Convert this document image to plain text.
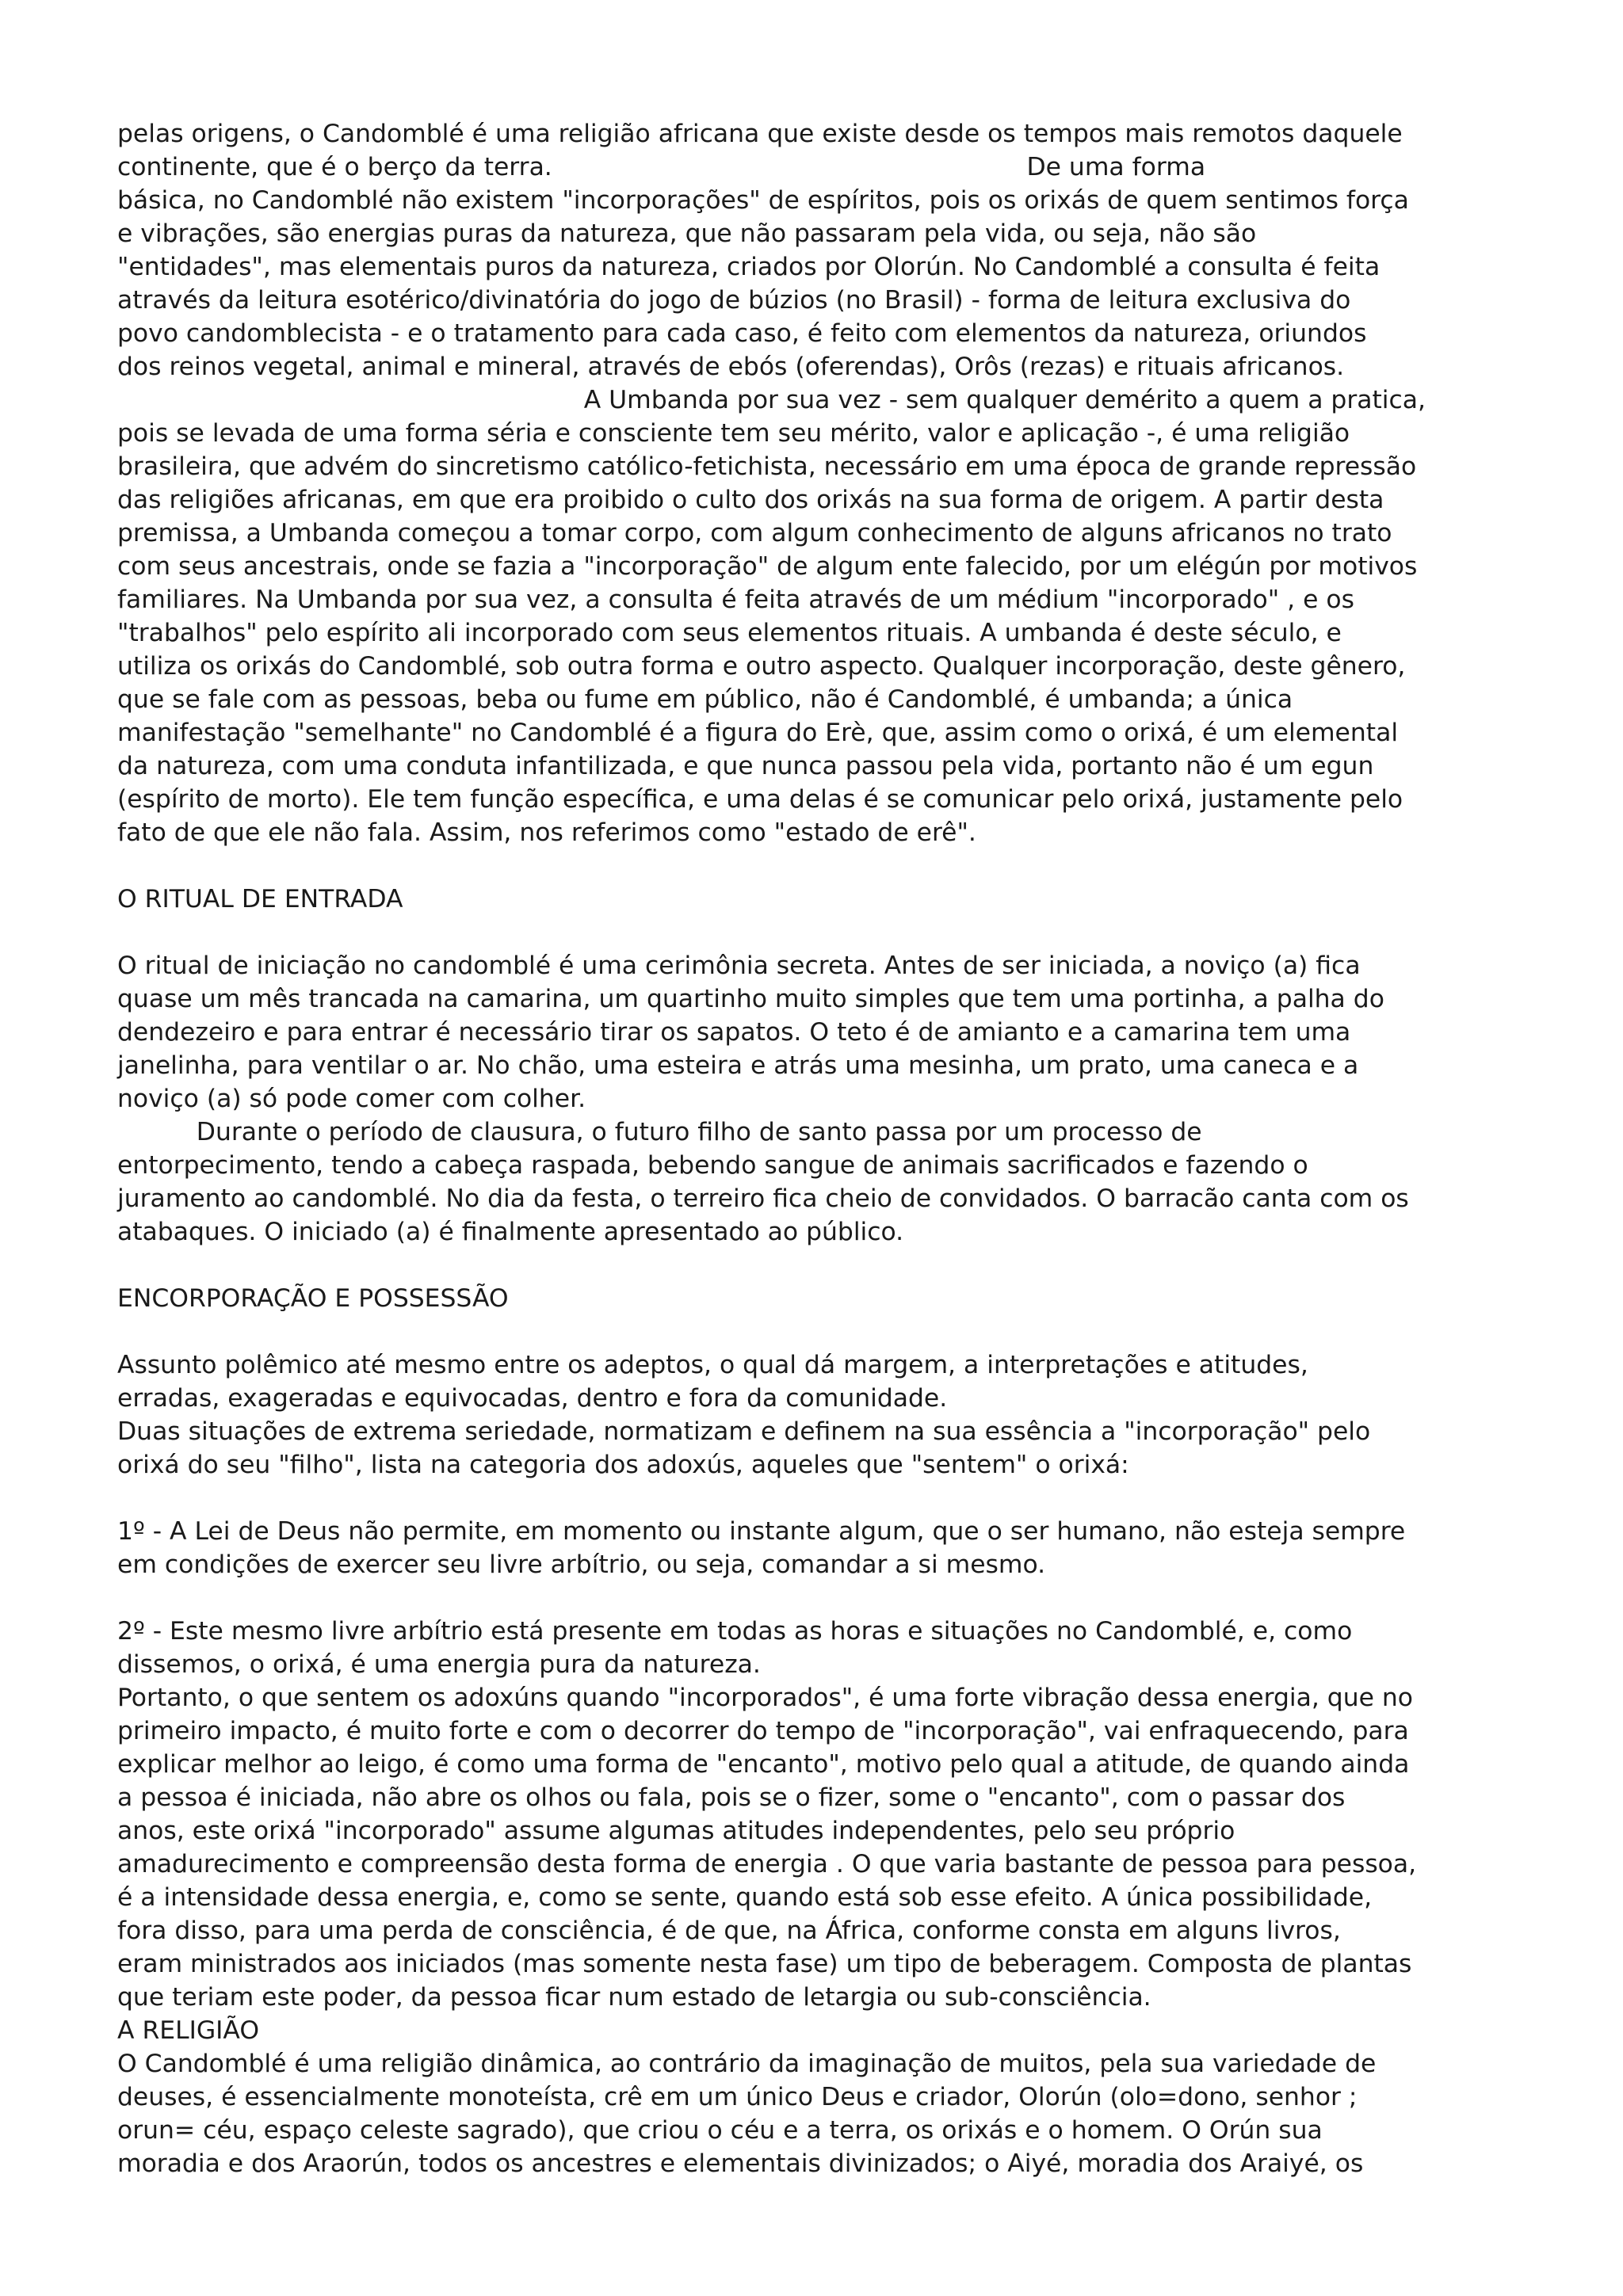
pelas origens, o Candomblé é uma religião africana que existe desde os tempos mais remotos daquele
continente, que é o berço da terra.                                                            De uma forma
básica, no Candomblé não existem "incorporações" de espíritos, pois os orixás de quem sentimos força
e vibrações, são energias puras da natureza, que não passaram pela vida, ou seja, não são
"entidades", mas elementais puros da natureza, criados por Olorún. No Candomblé a consulta é feita
através da leitura esotérico/divinatória do jogo de búzios (no Brasil) - forma de leitura exclusiva do
povo candomblecista - e o tratamento para cada caso, é feito com elementos da natureza, oriundos
dos reinos vegetal, animal e mineral, através de ebós (oferendas), Orôs (rezas) e rituais africanos.
A Umbanda por sua vez - sem qualquer demérito a quem a pratica,
pois se levada de uma forma séria e consciente tem seu mérito, valor e aplicação -, é uma religião
brasileira, que advém do sincretismo católico-fetichista, necessário em uma época de grande repressão
das religiões africanas, em que era proibido o culto dos orixás na sua forma de origem. A partir desta
premissa, a Umbanda começou a tomar corpo, com algum conhecimento de alguns africanos no trato
com seus ancestrais, onde se fazia a "incorporação" de algum ente falecido, por um elégún por motivos
familiares. Na Umbanda por sua vez, a consulta é feita através de um médium "incorporado" , e os
"trabalhos" pelo espírito ali incorporado com seus elementos rituais. A umbanda é deste século, e
utiliza os orixás do Candomblé, sob outra forma e outro aspecto. Qualquer incorporação, deste gênero,
que se fale com as pessoas, beba ou fume em público, não é Candomblé, é umbanda; a única
manifestação "semelhante" no Candomblé é a figura do Erè, que, assim como o orixá, é um elemental
da natureza, com uma conduta infantilizada, e que nunca passou pela vida, portanto não é um egun
(espírito de morto). Ele tem função específica, e uma delas é se comunicar pelo orixá, justamente pelo
fato de que ele não fala. Assim, nos referimos como "estado de erê".
O RITUAL DE ENTRADA
O ritual de iniciação no candomblé é uma cerimônia secreta. Antes de ser iniciada, a noviço (a) fica
quase um mês trancada na camarina, um quartinho muito simples que tem uma portinha, a palha do
dendezeiro e para entrar é necessário tirar os sapatos. O teto é de amianto e a camarina tem uma
janelinha, para ventilar o ar. No chão, uma esteira e atrás uma mesinha, um prato, uma caneca e a
noviço (a) só pode comer com colher.
Durante o período de clausura, o futuro filho de santo passa por um processo de
entorpecimento, tendo a cabeça raspada, bebendo sangue de animais sacrificados e fazendo o
juramento ao candomblé. No dia da festa, o terreiro fica cheio de convidados. O barracão canta com os
atabaques. O iniciado (a) é finalmente apresentado ao público.
ENCORPORAÇÃO E POSSESSÃO
Assunto polêmico até mesmo entre os adeptos, o qual dá margem, a interpretações e atitudes,
erradas, exageradas e equivocadas, dentro e fora da comunidade.
Duas situações de extrema seriedade, normatizam e definem na sua essência a "incorporação" pelo
orixá do seu "filho", lista na categoria dos adoxús, aqueles que "sentem" o orixá:
1º - A Lei de Deus não permite, em momento ou instante algum, que o ser humano, não esteja sempre
em condições de exercer seu livre arbítrio, ou seja, comandar a si mesmo.
2º - Este mesmo livre arbítrio está presente em todas as horas e situações no Candomblé, e, como
dissemos, o orixá, é uma energia pura da natureza.
Portanto, o que sentem os adoxúns quando "incorporados", é uma forte vibração dessa energia, que no
primeiro impacto, é muito forte e com o decorrer do tempo de "incorporação", vai enfraquecendo, para
explicar melhor ao leigo, é como uma forma de "encanto", motivo pelo qual a atitude, de quando ainda
a pessoa é iniciada, não abre os olhos ou fala, pois se o fizer, some o "encanto", com o passar dos
anos, este orixá "incorporado" assume algumas atitudes independentes, pelo seu próprio
amadurecimento e compreensão desta forma de energia . O que varia bastante de pessoa para pessoa,
é a intensidade dessa energia, e, como se sente, quando está sob esse efeito. A única possibilidade,
fora disso, para uma perda de consciência, é de que, na África, conforme consta em alguns livros,
eram ministrados aos iniciados (mas somente nesta fase) um tipo de beberagem. Composta de plantas
que teriam este poder, da pessoa ficar num estado de letargia ou sub-consciência.
A RELIGIÃO
O Candomblé é uma religião dinâmica, ao contrário da imaginação de muitos, pela sua variedade de
deuses, é essencialmente monoteísta, crê em um único Deus e criador, Olorún (olo=dono, senhor ;
orun= céu, espaço celeste sagrado), que criou o céu e a terra, os orixás e o homem. O Orún sua
moradia e dos Araorún, todos os ancestres e elementais divinizados; o Aiyé, moradia dos Araiyé, os
